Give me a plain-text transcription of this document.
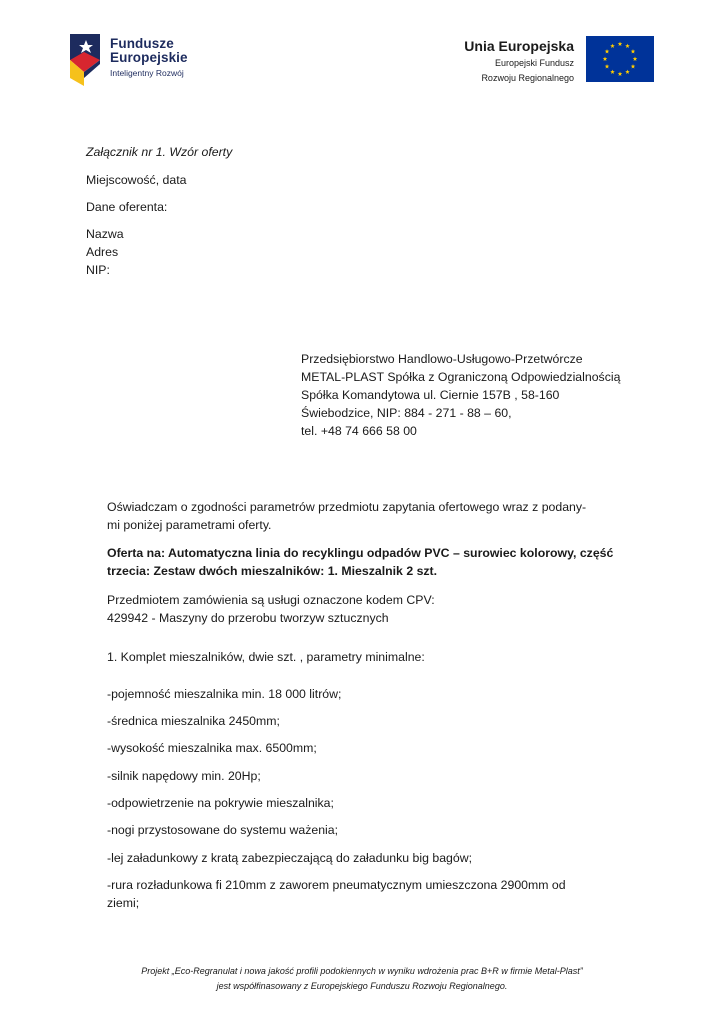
Fundusze
Europejskie
Inteligentny Rozwój
Unia Europejska
Europejski Fundusz
Rozwoju Regionalnego
Załącznik nr 1. Wzór oferty
Miejscowość, data
Dane oferenta:
Nazwa
Adres
NIP:
Przedsiębiorstwo Handlowo-Usługowo-Przetwórcze
METAL-PLAST Spółka z Ograniczoną Odpowiedzialnością
Spółka Komandytowa ul. Ciernie 157B , 58-160
Świebodzice, NIP: 884 - 271 - 88 – 60,
tel. +48 74 666 58 00
Oświadczam o zgodności parametrów przedmiotu zapytania ofertowego wraz z podany-
mi poniżej parametrami oferty.
Oferta na: Automatyczna linia do recyklingu odpadów PVC – surowiec kolorowy, część
trzecia: Zestaw dwóch mieszalników: 1. Mieszalnik 2 szt.
Przedmiotem zamówienia są usługi oznaczone kodem CPV:
429942 - Maszyny do przerobu tworzyw sztucznych
1. Komplet mieszalników, dwie szt. , parametry minimalne:
-pojemność mieszalnika min. 18 000 litrów;
-średnica mieszalnika 2450mm;
-wysokość mieszalnika max. 6500mm;
-silnik napędowy min. 20Hp;
-odpowietrzenie na pokrywie mieszalnika;
-nogi przystosowane do systemu ważenia;
-lej załadunkowy z kratą zabezpieczającą do załadunku big bagów;
-rura rozładunkowa fi 210mm z zaworem pneumatycznym umieszczona 2900mm od
ziemi;
Projekt „Eco-Regranulat i nowa jakość profili podokiennych w wyniku wdrożenia prac B+R w firmie Metal-Plast”
jest współfinasowany z Europejskiego Funduszu Rozwoju Regionalnego.
